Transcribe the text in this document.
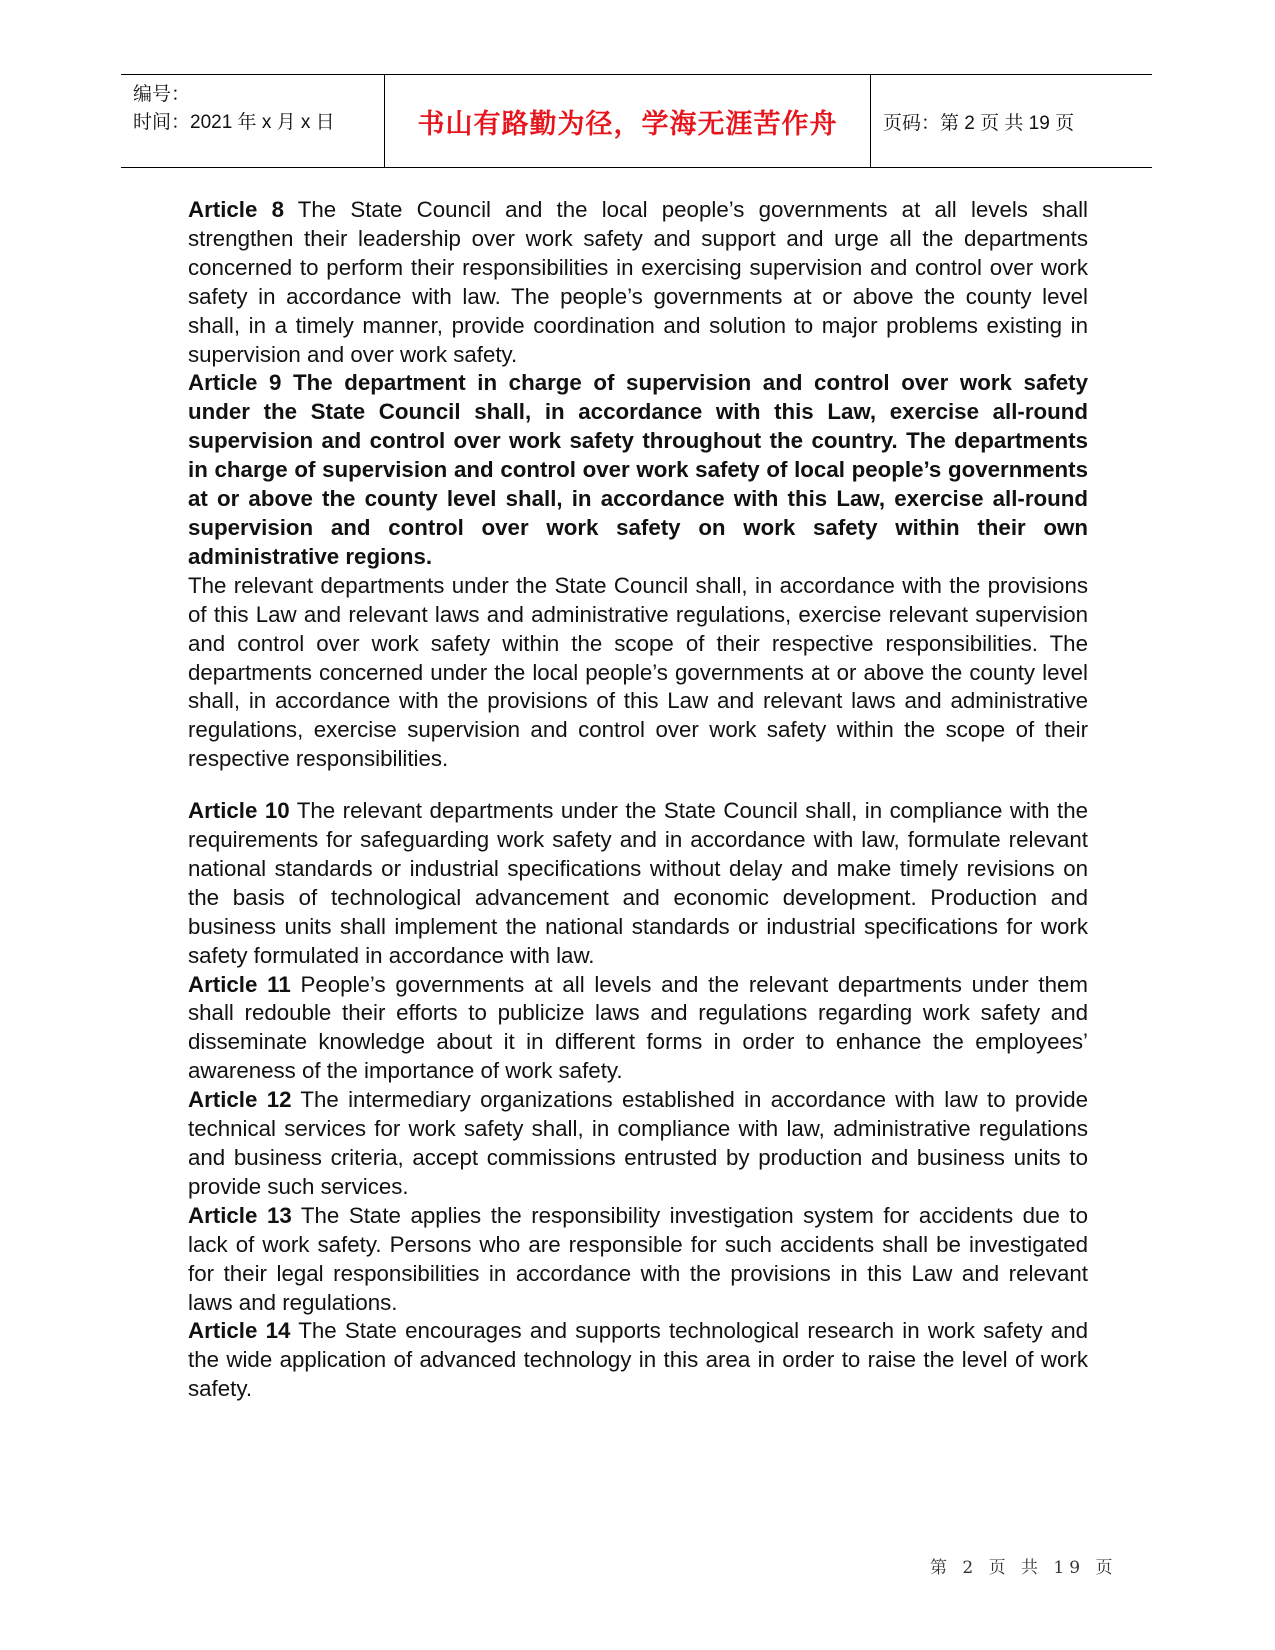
编号：
时间：2021 年 x 月 x 日	书山有路勤为径，学海无涯苦作舟	页码：第 2 页 共 19 页

Article 8 The State Council and the local people’s governments at all levels shall strengthen their leadership over work safety and support and urge all the departments concerned to perform their responsibilities in exercising supervision and control over work safety in accordance with law. The people’s governments at or above the county level shall, in a timely manner, provide coordination and solution to major problems existing in supervision and over work safety.

Article 9 The department in charge of supervision and control over work safety under the State Council shall, in accordance with this Law, exercise all-round supervision and control over work safety throughout the country. The departments in charge of supervision and control over work safety of local people’s governments at or above the county level shall, in accordance with this Law, exercise all-round supervision and control over work safety on work safety within their own administrative regions.

The relevant departments under the State Council shall, in accordance with the provisions of this Law and relevant laws and administrative regulations, exercise relevant supervision and control over work safety within the scope of their respective responsibilities. The departments concerned under the local people’s governments at or above the county level shall, in accordance with the provisions of this Law and relevant laws and administrative regulations, exercise supervision and control over work safety within the scope of their respective responsibilities.

Article 10 The relevant departments under the State Council shall, in compliance with the requirements for safeguarding work safety and in accordance with law, formulate relevant national standards or industrial specifications without delay and make timely revisions on the basis of technological advancement and economic development. Production and business units shall implement the national standards or industrial specifications for work safety formulated in accordance with law.

Article 11 People’s governments at all levels and the relevant departments under them shall redouble their efforts to publicize laws and regulations regarding work safety and disseminate knowledge about it in different forms in order to enhance the employees’ awareness of the importance of work safety.

Article 12 The intermediary organizations established in accordance with law to provide technical services for work safety shall, in compliance with law, administrative regulations and business criteria, accept commissions entrusted by production and business units to provide such services.

Article 13 The State applies the responsibility investigation system for accidents due to lack of work safety. Persons who are responsible for such accidents shall be investigated for their legal responsibilities in accordance with the provisions in this Law and relevant laws and regulations.

Article 14 The State encourages and supports technological research in work safety and the wide application of advanced technology in this area in order to raise the level of work safety.

第 2 页 共 19 页
